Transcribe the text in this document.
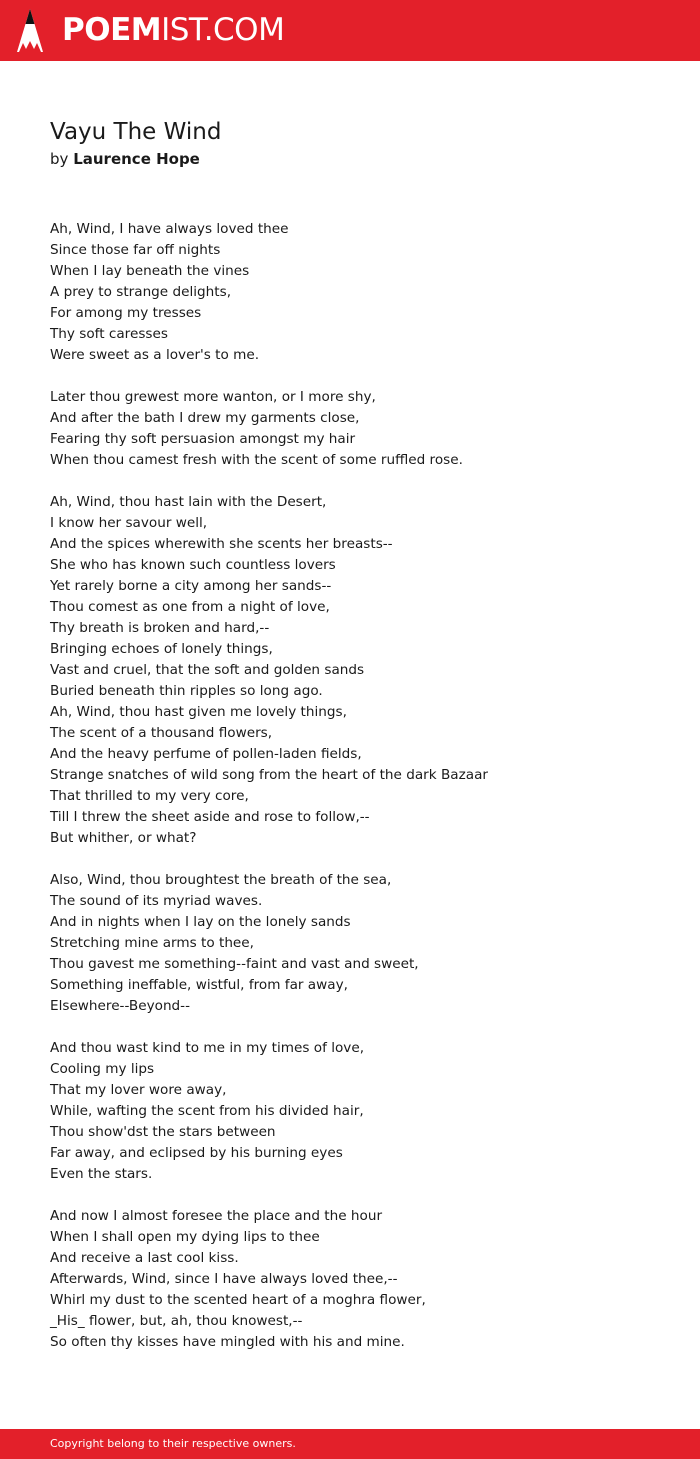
POEMIST.COM
Vayu The Wind
by Laurence Hope
Ah, Wind, I have always loved thee
Since those far off nights
When I lay beneath the vines
A prey to strange delights,
For among my tresses
Thy soft caresses
Were sweet as a lover's to me.
Later thou grewest more wanton, or I more shy,
And after the bath I drew my garments close,
Fearing thy soft persuasion amongst my hair
When thou camest fresh with the scent of some ruffled rose.
Ah, Wind, thou hast lain with the Desert,
I know her savour well,
And the spices wherewith she scents her breasts--
She who has known such countless lovers
Yet rarely borne a city among her sands--
Thou comest as one from a night of love,
Thy breath is broken and hard,--
Bringing echoes of lonely things,
Vast and cruel, that the soft and golden sands
Buried beneath thin ripples so long ago.
Ah, Wind, thou hast given me lovely things,
The scent of a thousand flowers,
And the heavy perfume of pollen-laden fields,
Strange snatches of wild song from the heart of the dark Bazaar
That thrilled to my very core,
Till I threw the sheet aside and rose to follow,--
But whither, or what?
Also, Wind, thou broughtest the breath of the sea,
The sound of its myriad waves.
And in nights when I lay on the lonely sands
Stretching mine arms to thee,
Thou gavest me something--faint and vast and sweet,
Something ineffable, wistful, from far away,
Elsewhere--Beyond--
And thou wast kind to me in my times of love,
Cooling my lips
That my lover wore away,
While, wafting the scent from his divided hair,
Thou show'dst the stars between
Far away, and eclipsed by his burning eyes
Even the stars.
And now I almost foresee the place and the hour
When I shall open my dying lips to thee
And receive a last cool kiss.
Afterwards, Wind, since I have always loved thee,--
Whirl my dust to the scented heart of a moghra flower,
_His_ flower, but, ah, thou knowest,--
So often thy kisses have mingled with his and mine.
Copyright belong to their respective owners.
